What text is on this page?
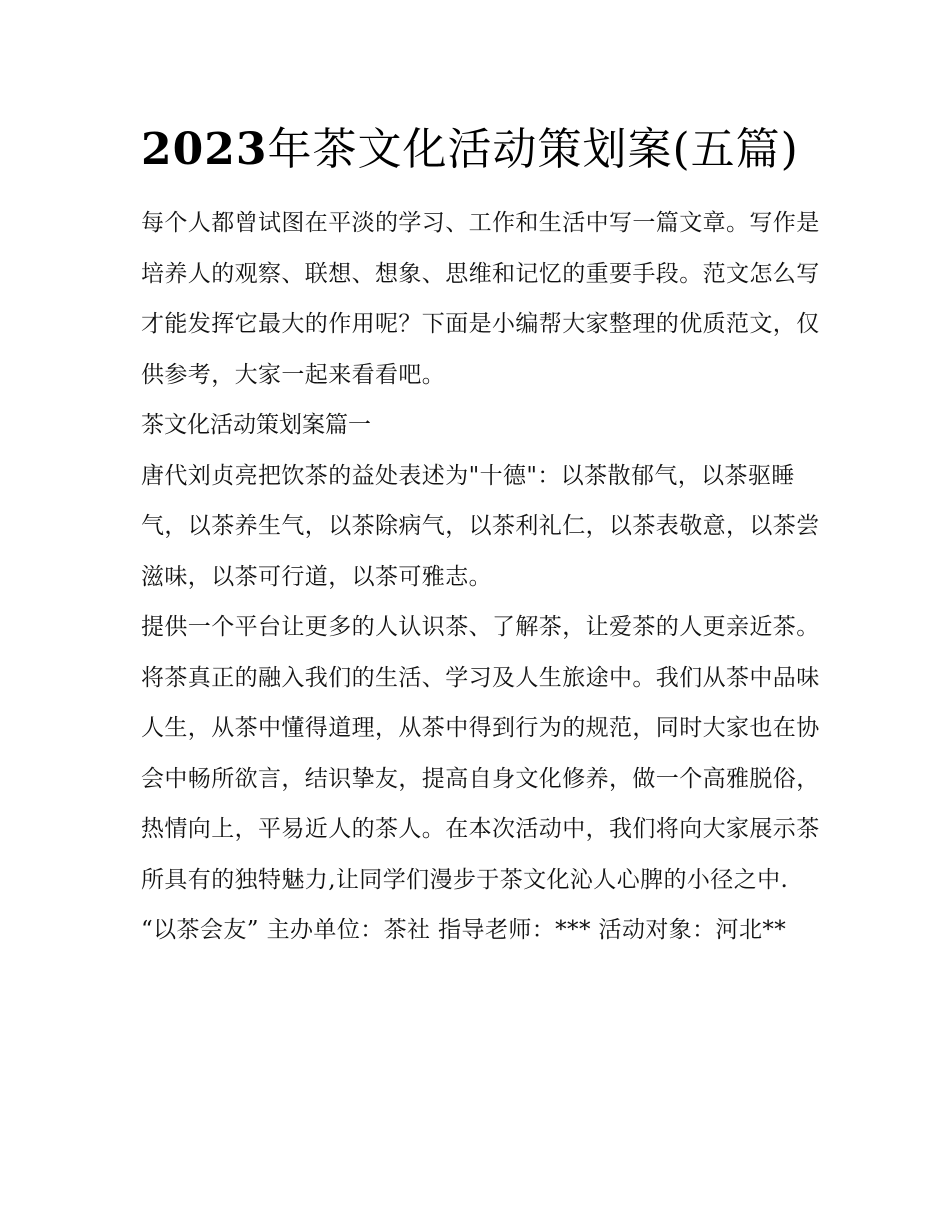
2023年茶文化活动策划案(五篇)

每个人都曾试图在平淡的学习、工作和生活中写一篇文章。写作是培养人的观察、联想、想象、思维和记忆的重要手段。范文怎么写才能发挥它最大的作用呢？下面是小编帮大家整理的优质范文，仅供参考，大家一起来看看吧。

茶文化活动策划案篇一

唐代刘贞亮把饮茶的益处表述为"十德"：以茶散郁气，以茶驱睡气，以茶养生气，以茶除病气，以茶利礼仁，以茶表敬意，以茶尝滋味，以茶可行道，以茶可雅志。

提供一个平台让更多的人认识茶、了解茶，让爱茶的人更亲近茶。将茶真正的融入我们的生活、学习及人生旅途中。我们从茶中品味人生，从茶中懂得道理，从茶中得到行为的规范，同时大家也在协会中畅所欲言，结识挚友，提高自身文化修养，做一个高雅脱俗，热情向上，平易近人的茶人。在本次活动中，我们将向大家展示茶所具有的独特魅力,让同学们漫步于茶文化沁人心脾的小径之中.

“以茶会友” 主办单位：茶社 指导老师：*** 活动对象：河北**
